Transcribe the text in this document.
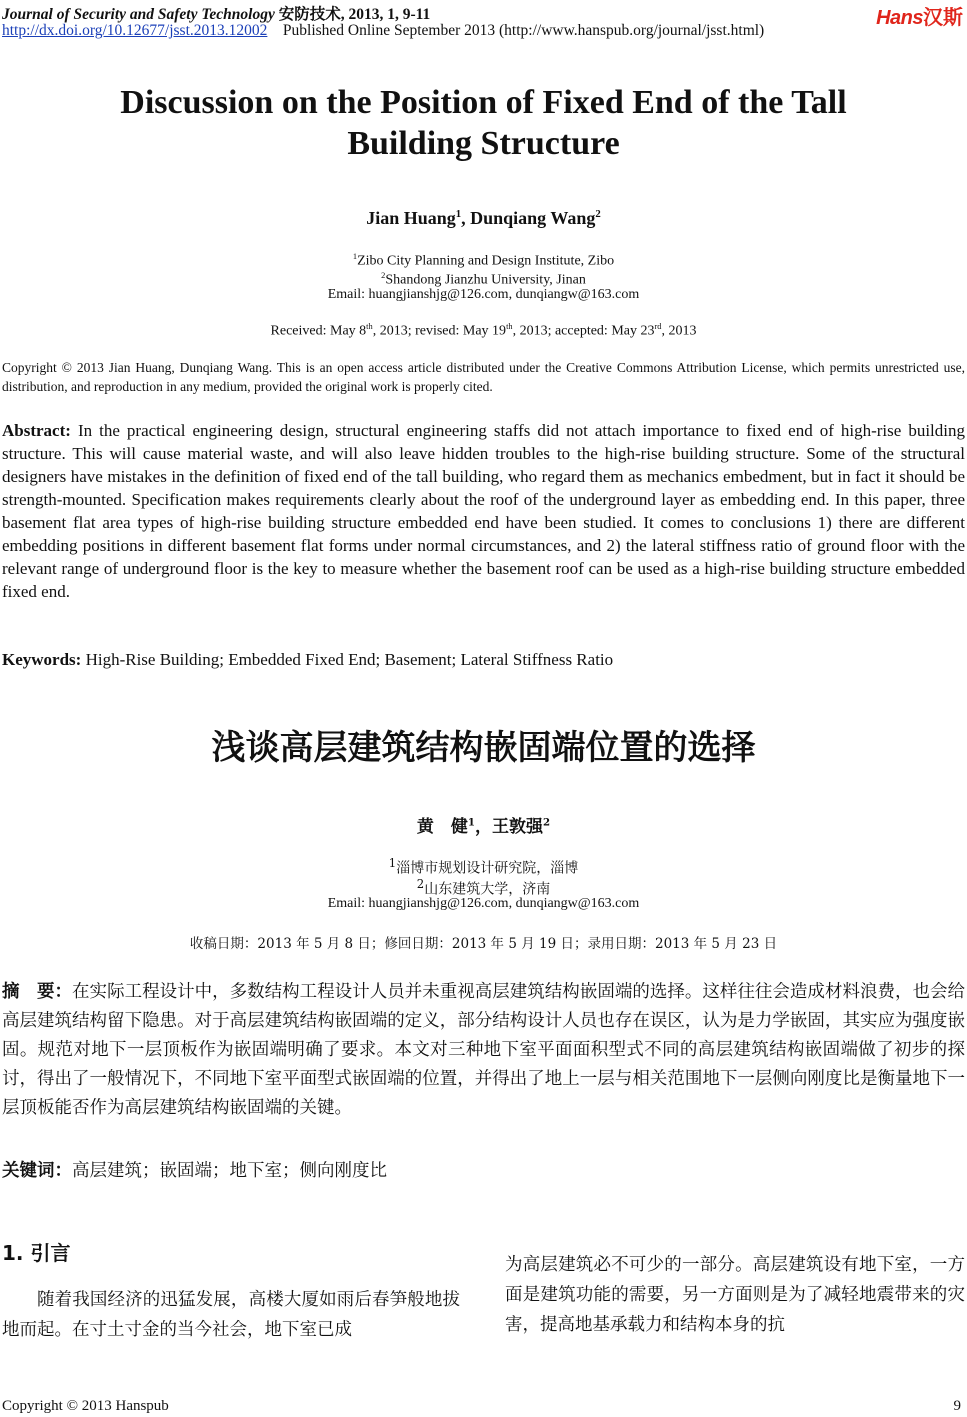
Journal of Security and Safety Technology 安防技术, 2013, 1, 9-11
http://dx.doi.org/10.12677/jsst.2013.12002 Published Online September 2013 (http://www.hanspub.org/journal/jsst.html)
Hans汉斯
Discussion on the Position of Fixed End of the Tall
Building Structure
Jian Huang$^1$, Dunqiang Wang$^2$
$^1$Zibo City Planning and Design Institute, Zibo
$^2$Shandong Jianzhu University, Jinan
Email: huangjianshjg@126.com, dunqiangw@163.com
Received: May 8th, 2013; revised: May 19th, 2013; accepted: May 23rd, 2013
Copyright © 2013 Jian Huang, Dunqiang Wang. This is an open access article distributed under the Creative Commons Attribution License, which permits unrestricted use, distribution, and reproduction in any medium, provided the original work is properly cited.
Abstract: In the practical engineering design, structural engineering staffs did not attach importance to fixed end of high-rise building structure. This will cause material waste, and will also leave hidden troubles to the high-rise building structure. Some of the structural designers have mistakes in the definition of fixed end of the tall building, who regard them as mechanics embedment, but in fact it should be strength-mounted. Specification makes requirements clearly about the roof of the underground layer as embedding end. In this paper, three basement flat area types of high-rise building structure embedded end have been studied. It comes to conclusions 1) there are different embedding positions in different basement flat forms under normal circumstances, and 2) the lateral stiffness ratio of ground floor with the relevant range of underground floor is the key to measure whether the basement roof can be used as a high-rise building structure embedded fixed end.
Keywords: High-Rise Building; Embedded Fixed End; Basement; Lateral Stiffness Ratio
浅谈高层建筑结构嵌固端位置的选择
黄　健$^1$，王敦强$^2$
$^1$淄博市规划设计研究院，淄博
$^2$山东建筑大学，济南
Email: huangjianshjg@126.com, dunqiangw@163.com
收稿日期：2013 年 5 月 8 日；修回日期：2013 年 5 月 19 日；录用日期：2013 年 5 月 23 日
摘　要：在实际工程设计中，多数结构工程设计人员并未重视高层建筑结构嵌固端的选择。这样往往会造成材料浪费，也会给高层建筑结构留下隐患。对于高层建筑结构嵌固端的定义，部分结构设计人员也存在误区，认为是力学嵌固，其实应为强度嵌固。规范对地下一层顶板作为嵌固端明确了要求。本文对三种地下室平面面积型式不同的高层建筑结构嵌固端做了初步的探讨，得出了一般情况下，不同地下室平面型式嵌固端的位置，并得出了地上一层与相关范围地下一层侧向刚度比是衡量地下一层顶板能否作为高层建筑结构嵌固端的关键。
关键词：高层建筑；嵌固端；地下室；侧向刚度比
1. 引言
随着我国经济的迅猛发展，高楼大厦如雨后春笋般地拔地而起。在寸土寸金的当今社会，地下室已成
为高层建筑必不可少的一部分。高层建筑设有地下室，一方面是建筑功能的需要，另一方面则是为了减轻地震带来的灾害，提高地基承载力和结构本身的抗
Copyright © 2013 Hanspub	9
